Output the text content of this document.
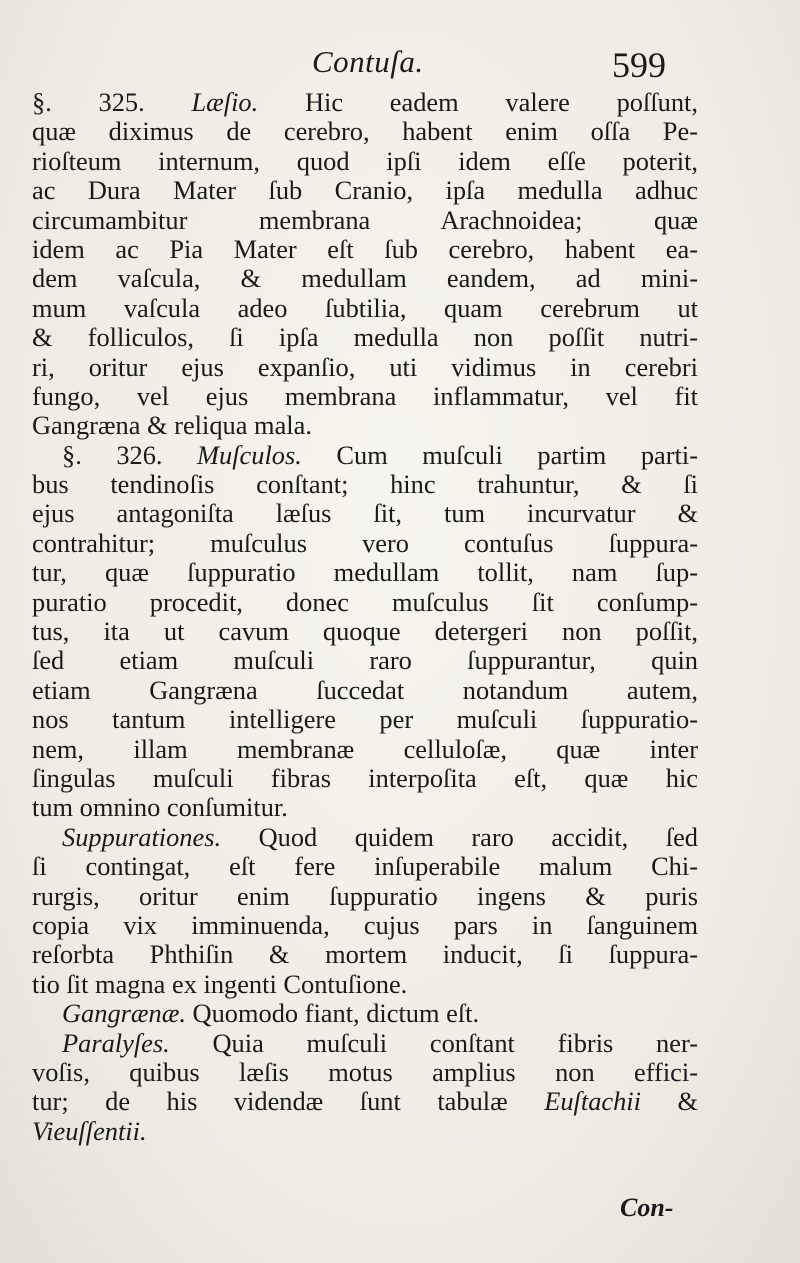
Contuſa.	599
§. 325. Læſio. Hic eadem valere poſſunt,
quæ diximus de cerebro, habent enim oſſa Pe-
rioſteum internum, quod ipſi idem eſſe poterit,
ac Dura Mater ſub Cranio, ipſa medulla adhuc
circumambitur membrana Arachnoidea; quæ
idem ac Pia Mater eſt ſub cerebro, habent ea-
dem vaſcula, & medullam eandem, ad mini-
mum vaſcula adeo ſubtilia, quam cerebrum ut
& folliculos, ſi ipſa medulla non poſſit nutri-
ri, oritur ejus expanſio, uti vidimus in cerebri
fungo, vel ejus membrana inflammatur, vel fit
Gangræna & reliqua mala.
§. 326. Muſculos. Cum muſculi partim parti-
bus tendinoſis conſtant; hinc trahuntur, & ſi
ejus antagoniſta læſus ſit, tum incurvatur &
contrahitur; muſculus vero contuſus ſuppura-
tur, quæ ſuppuratio medullam tollit, nam ſup-
puratio procedit, donec muſculus ſit conſump-
tus, ita ut cavum quoque detergeri non poſſit,
ſed etiam muſculi raro ſuppurantur, quin
etiam Gangræna ſuccedat notandum autem,
nos tantum intelligere per muſculi ſuppuratio-
nem, illam membranæ celluloſæ, quæ inter
ſingulas muſculi fibras interpoſita eſt, quæ hic
tum omnino conſumitur.
Suppurationes. Quod quidem raro accidit, ſed
ſi contingat, eſt fere inſuperabile malum Chi-
rurgis, oritur enim ſuppuratio ingens & puris
copia vix imminuenda, cujus pars in ſanguinem
reſorbta Phthiſin & mortem inducit, ſi ſuppura-
tio ſit magna ex ingenti Contuſione.
Gangrænæ. Quomodo fiant, dictum eſt.
Paralyſes. Quia muſculi conſtant fibris ner-
voſis, quibus læſis motus amplius non effici-
tur; de his videndæ ſunt tabulæ Euſtachii &
Vieuſſentii.
Con-
